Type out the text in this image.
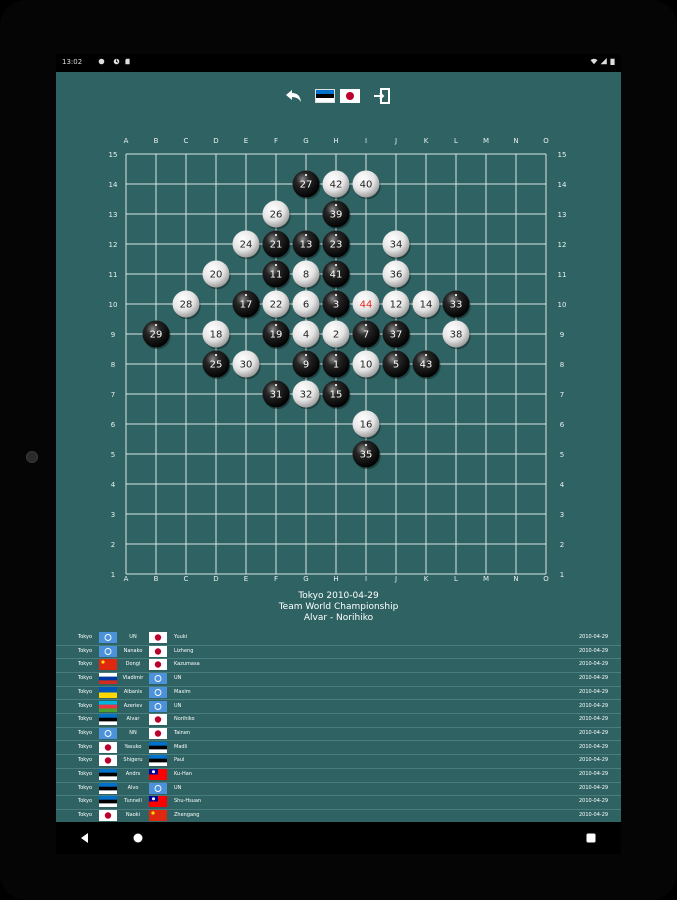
13:02
A
A
B
B
C
C
D
D
E
E
F
F
G
G
H
H
I
I
J
J
K
K
L
L
M
M
N
N
O
O
15	15
14	14
13	13
12	12
11	11
10	10
9	9
8	8
7	7
6	6
5	5
4	4
3	3
2	2
1	1
1
2
3
4
5
6
7
8
9	10
11
12
13
14
15
16
17
18	19
20
21
22
23
24
25
26
27
28
29
30
31 32
33
34
35
36
37	38
39
40
41
42
43
44
Tokyo 2010-04-29
Team World Championship
Alvar - Norihiko
Tokyo	UN	Yuuki	2010-04-29
Tokyo	Nanako	Lizheng	2010-04-29
Tokyo	Dongi	Kazumasa	2010-04-29
Tokyo	Vladimir	UN	2010-04-29
Tokyo	Albanis	Maxim	2010-04-29
Tokyo	Azeriev	UN	2010-04-29
Tokyo	Alvar	Norihiko	2010-04-29
Tokyo	NN	Tainen	2010-04-29
Tokyo	Yasuko	Madli	2010-04-29
Tokyo	Shigeru	Paul	2010-04-29
Tokyo	Andrs	Ku-Han	2010-04-29
Tokyo	Alvo	UN	2010-04-29
Tokyo	Tunneli	Shu-Hsuan	2010-04-29
Tokyo	Naoki	Zhengang	2010-04-29
